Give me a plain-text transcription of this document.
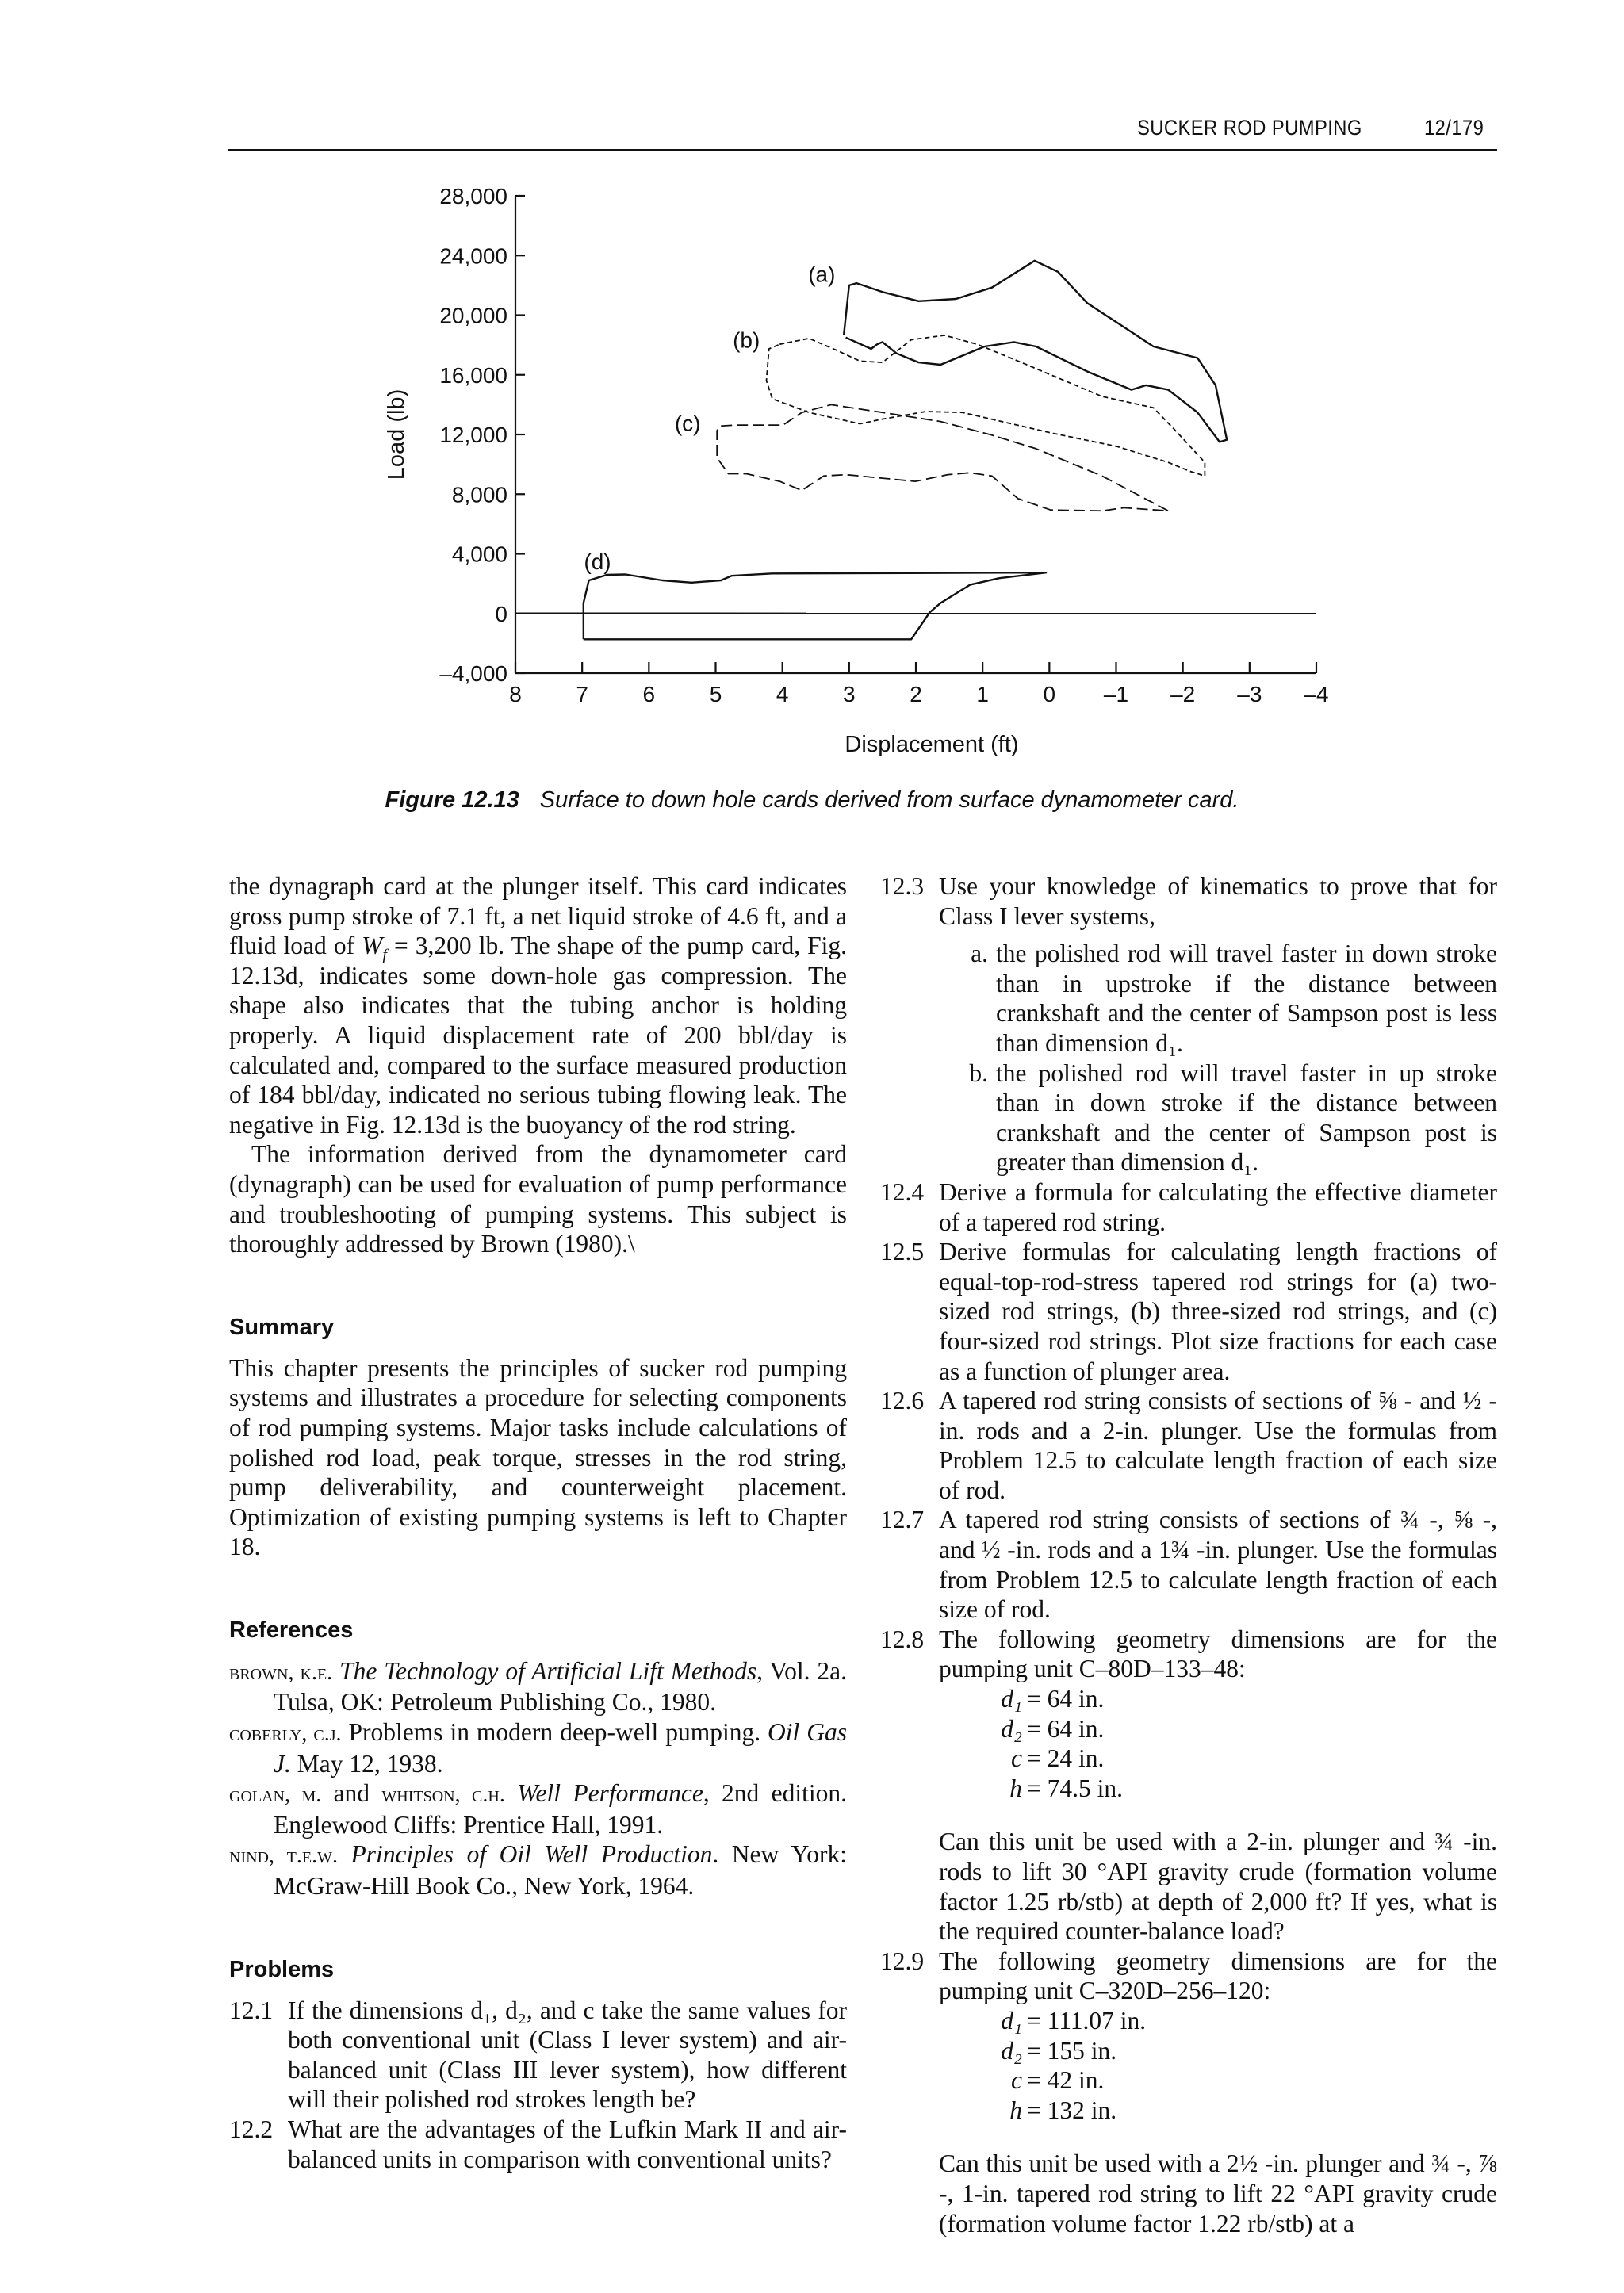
SUCKER ROD PUMPING	12/179
28,000
24,000
20,000
16,000
12,000
8,000
4,000
0
–4,000
8 7 6 5 4 3 2 1 0 –1 –2 –3 –4
Displacement (ft)
Load (lb)
(a)
(b)
(c)
(d)
Figure 12.13 Surface to down hole cards derived from surface dynamometer card.
the dynagraph card at the plunger itself. This card indicates gross pump stroke of 7.1 ft, a net liquid stroke of 4.6 ft, and a fluid load of $W_f = 3,200$ lb. The shape of the pump card, Fig. 12.13d, indicates some down-hole gas compression. The shape also indicates that the tubing anchor is holding properly. A liquid displacement rate of 200 bbl/day is calculated and, compared to the surface measured production of 184 bbl/day, indicated no serious tubing flowing leak. The negative in Fig. 12.13d is the buoyancy of the rod string.
The information derived from the dynamometer card (dynagraph) can be used for evaluation of pump performance and troubleshooting of pumping systems. This subject is thoroughly addressed by Brown (1980).\
Summary
This chapter presents the principles of sucker rod pumping systems and illustrates a procedure for selecting components of rod pumping systems. Major tasks include calculations of polished rod load, peak torque, stresses in the rod string, pump deliverability, and counterweight placement. Optimization of existing pumping systems is left to Chapter 18.
References
brown, k.e. The Technology of Artificial Lift Methods, Vol. 2a. Tulsa, OK: Petroleum Publishing Co., 1980.
coberly, c.j. Problems in modern deep-well pumping. Oil Gas J. May 12, 1938.
golan, m. and whitson, c.h. Well Performance, 2nd edition. Englewood Cliffs: Prentice Hall, 1991.
nind, t.e.w. Principles of Oil Well Production. New York: McGraw-Hill Book Co., New York, 1964.
Problems
12.1 If the dimensions d₁, d₂, and c take the same values for both conventional unit (Class I lever system) and air-balanced unit (Class III lever system), how different will their polished rod strokes length be?
12.2 What are the advantages of the Lufkin Mark II and air-balanced units in comparison with conventional units?
12.3 Use your knowledge of kinematics to prove that for Class I lever systems,
a. the polished rod will travel faster in down stroke than in upstroke if the distance between crankshaft and the center of Sampson post is less than dimension d₁.
b. the polished rod will travel faster in up stroke than in down stroke if the distance between crankshaft and the center of Sampson post is greater than dimension d₁.
12.4 Derive a formula for calculating the effective diameter of a tapered rod string.
12.5 Derive formulas for calculating length fractions of equal-top-rod-stress tapered rod strings for (a) two-sized rod strings, (b) three-sized rod strings, and (c) four-sized rod strings. Plot size fractions for each case as a function of plunger area.
12.6 A tapered rod string consists of sections of ⅝ - and ½ -in. rods and a 2-in. plunger. Use the formulas from Problem 12.5 to calculate length fraction of each size of rod.
12.7 A tapered rod string consists of sections of ¾ -, ⅝ -, and ½ -in. rods and a 1¾ -in. plunger. Use the formulas from Problem 12.5 to calculate length fraction of each size of rod.
12.8 The following geometry dimensions are for the pumping unit C–80D–133–48:
d₁ = 64 in.
d₂ = 64 in.
c = 24 in.
h = 74.5 in.
Can this unit be used with a 2-in. plunger and ¾ -in. rods to lift 30 °API gravity crude (formation volume factor 1.25 rb/stb) at depth of 2,000 ft? If yes, what is the required counter-balance load?
12.9 The following geometry dimensions are for the pumping unit C–320D–256–120:
d₁ = 111.07 in.
d₂ = 155 in.
c = 42 in.
h = 132 in.
Can this unit be used with a 2½ -in. plunger and ¾ -, ⅞ -, 1-in. tapered rod string to lift 22 °API gravity crude (formation volume factor 1.22 rb/stb) at a
